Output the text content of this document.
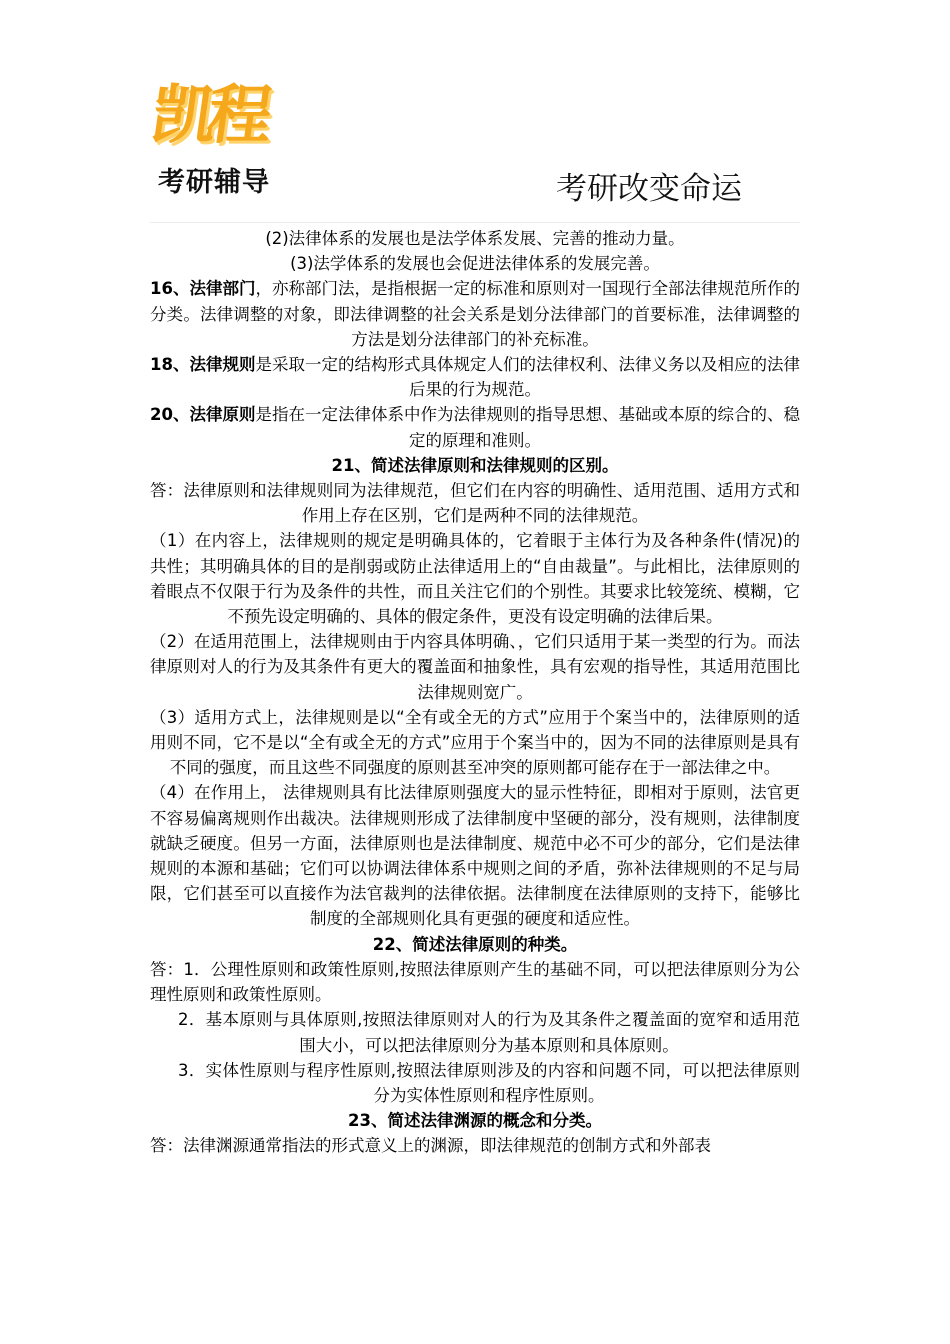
凯程
考研辅导	考研改变命运

(2)法律体系的发展也是法学体系发展、完善的推动力量。

(3)法学体系的发展也会促进法律体系的发展完善。

16、法律部门，亦称部门法，是指根据一定的标准和原则对一国现行全部法律规范所作的分类。法律调整的对象，即法律调整的社会关系是划分法律部门的首要标准，法律调整的方法是划分法律部门的补充标准。

18、法律规则是采取一定的结构形式具体规定人们的法律权利、法律义务以及相应的法律后果的行为规范。

20、法律原则是指在一定法律体系中作为法律规则的指导思想、基础或本原的综合的、稳定的原理和准则。

21、简述法律原则和法律规则的区别。

答：法律原则和法律规则同为法律规范，但它们在内容的明确性、适用范围、适用方式和作用上存在区别，它们是两种不同的法律规范。

（1）在内容上，法律规则的规定是明确具体的，它着眼于主体行为及各种条件(情况)的共性；其明确具体的目的是削弱或防止法律适用上的“自由裁量”。与此相比，法律原则的着眼点不仅限于行为及条件的共性，而且关注它们的个别性。其要求比较笼统、模糊，它不预先设定明确的、具体的假定条件，更没有设定明确的法律后果。

（2）在适用范围上，法律规则由于内容具体明确、，它们只适用于某一类型的行为。而法律原则对人的行为及其条件有更大的覆盖面和抽象性，具有宏观的指导性，其适用范围比法律规则宽广。

（3）适用方式上，法律规则是以“全有或全无的方式”应用于个案当中的，法律原则的适用则不同，它不是以“全有或全无的方式”应用于个案当中的，因为不同的法律原则是具有不同的强度，而且这些不同强度的原则甚至冲突的原则都可能存在于一部法律之中。

（4）在作用上， 法律规则具有比法律原则强度大的显示性特征，即相对于原则，法官更不容易偏离规则作出裁决。法律规则形成了法律制度中坚硬的部分，没有规则，法律制度就缺乏硬度。但另一方面，法律原则也是法律制度、规范中必不可少的部分，它们是法律规则的本源和基础；它们可以协调法律体系中规则之间的矛盾，弥补法律规则的不足与局限，它们甚至可以直接作为法官裁判的法律依据。法律制度在法律原则的支持下，能够比制度的全部规则化具有更强的硬度和适应性。

22、简述法律原则的种类。

答：1．公理性原则和政策性原则,按照法律原则产生的基础不同，可以把法律原则分为公理性原则和政策性原则。

2．基本原则与具体原则,按照法律原则对人的行为及其条件之覆盖面的宽窄和适用范围大小，可以把法律原则分为基本原则和具体原则。

3．实体性原则与程序性原则,按照法律原则涉及的内容和问题不同，可以把法律原则分为实体性原则和程序性原则。

23、简述法律渊源的概念和分类。

答：法律渊源通常指法的形式意义上的渊源，即法律规范的创制方式和外部表
